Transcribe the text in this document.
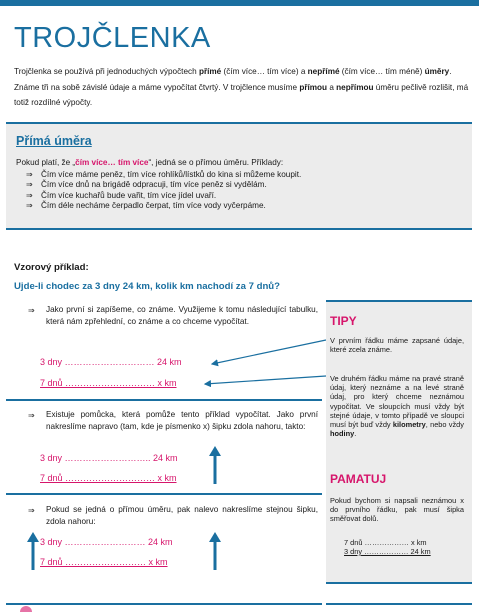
TROJČLENKA

Trojčlenka se používá při jednoduchých výpočtech přímé (čím více… tím více) a nepřímé (čím více… tím méně) úměry. Známe tři na sobě závislé údaje a máme vypočítat čtvrtý. V trojčlence musíme přímou a nepřímou úměru pečlivě rozlišit, má totiž rozdílné výpočty.

Přímá úměra

Pokud platí, že „čím více… tím více“, jedná se o přímou úměru. Příklady:

⇒ Čím více máme peněz, tím více rohlíků/lístků do kina si můžeme koupit.
⇒ Čím více dnů na brigádě odpracuji, tím více peněz si vydělám.
⇒ Čím více kuchařů bude vařit, tím více jídel uvaří.
⇒ Čím déle necháme čerpadlo čerpat, tím více vody vyčerpáme.
Vzorový příklad:
Ujde-li chodec za 3 dny 24 km, kolik km nachodí za 7 dnů?
⇒ Jako první si zapíšeme, co známe. Využijeme k tomu následující tabulku, která nám zpřehlední, co známe a co chceme vypočítat.

3 dny ………………………… 24 km
7 dnů ………………………… x km
⇒ Existuje pomůcka, která pomůže tento příklad vypočítat. Jako první nakreslíme napravo (tam, kde je písmenko x) šipku zdola nahoru, takto:

3 dny ……………………….. 24 km
7 dnů ………………………… x km
⇒ Pokud se jedná o přímou úměru, pak nalevo nakreslíme stejnou šipku, zdola nahoru:

3 dny ……………………… 24 km
7 dnů ……………………… x km
TIPY

V prvním řádku máme zapsané údaje, které zcela známe.

Ve druhém řádku máme na pravé straně údaj, který neznáme a na levé straně údaj, pro který chceme neznámou vypočítat. Ve sloupcích musí vždy být stejné údaje, v tomto případě ve sloupci musí být buď vždy kilometry, nebo vždy hodiny.

PAMATUJ

Pokud bychom si napsali neznámou x do prvního řádku, pak musí šipka směřovat dolů.

7 dnů ……………… x km
3 dny ……………… 24 km
